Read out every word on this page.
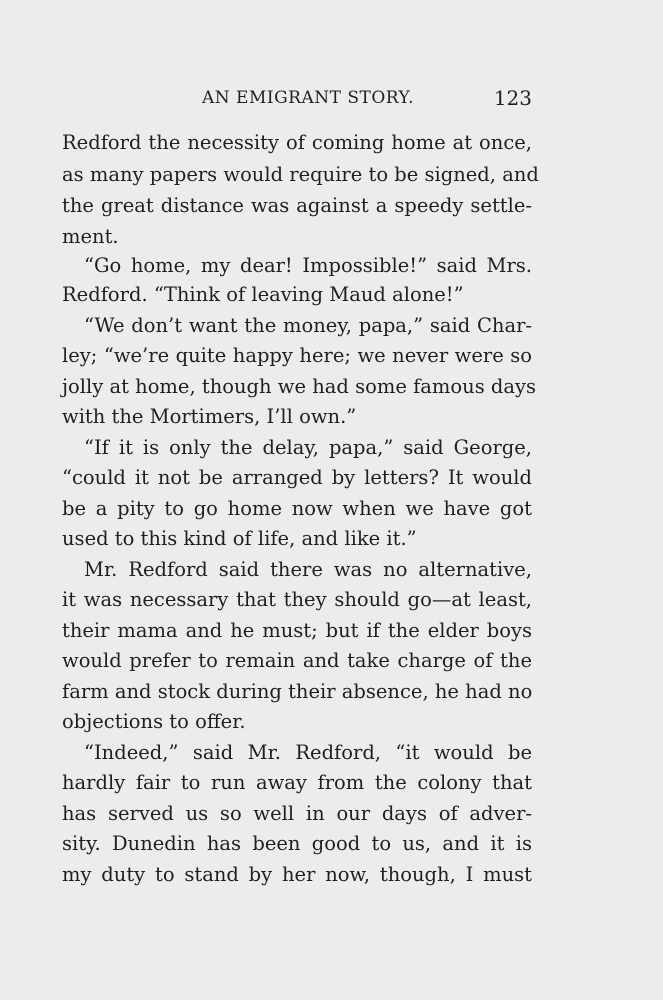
AN EMIGRANT STORY.	123
Redford the necessity of coming home at once,
as many papers would require to be signed, and
the great distance was against a speedy settle-
ment.
“Go home, my dear! Impossible!” said Mrs.
Redford. “Think of leaving Maud alone!”
“We don’t want the money, papa,” said Char-
ley; “we’re quite happy here; we never were so
jolly at home, though we had some famous days
with the Mortimers, I’ll own.”
“If it is only the delay, papa,” said George,
“could it not be arranged by letters? It would
be a pity to go home now when we have got
used to this kind of life, and like it.”
Mr. Redford said there was no alternative,
it was necessary that they should go—at least,
their mama and he must; but if the elder boys
would prefer to remain and take charge of the
farm and stock during their absence, he had no
objections to offer.
“Indeed,” said Mr. Redford, “it would be
hardly fair to run away from the colony that
has served us so well in our days of adver-
sity. Dunedin has been good to us, and it is
my duty to stand by her now, though, I must
